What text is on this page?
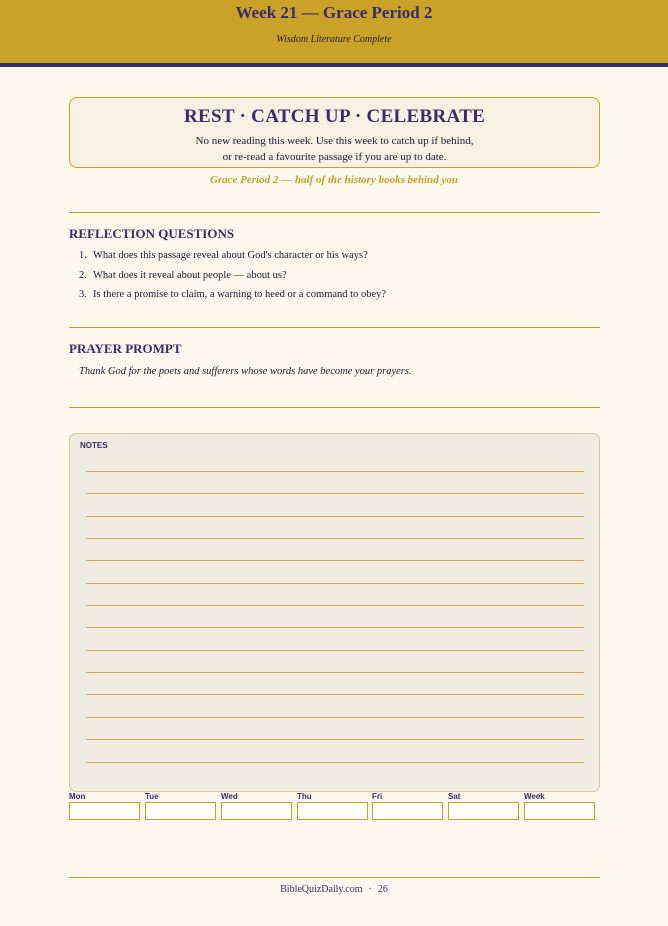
Week 21 — Grace Period 2
Wisdom Literature Complete
REST · CATCH UP · CELEBRATE
No new reading this week. Use this week to catch up if behind,
or re-read a favourite passage if you are up to date.
Grace Period 2 — half of the history books behind you
REFLECTION QUESTIONS
1. What does this passage reveal about God's character or his ways?
2. What does it reveal about people — about us?
3. Is there a promise to claim, a warning to heed or a command to obey?
PRAYER PROMPT
Thank God for the poets and sufferers whose words have become your prayers.
NOTES
Mon	Tue	Wed	Thu	Fri	Sat	Week
BibleQuizDaily.com · 26
